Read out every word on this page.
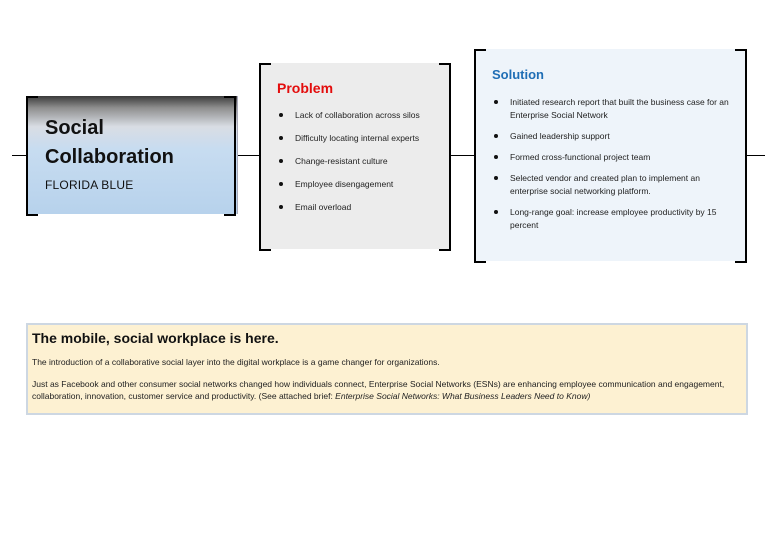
Social
Collaboration
FLORIDA BLUE
Problem
Lack of collaboration across silos
Difficulty locating internal experts
Change-resistant culture
Employee disengagement
Email overload
Solution
Initiated research report that built the business case for an Enterprise Social Network
Gained leadership support
Formed cross-functional project team
Selected vendor and created plan to implement an enterprise social networking platform.
Long-range goal: increase employee productivity by 15 percent
The mobile, social workplace is here.
The introduction of a collaborative social layer into the digital workplace is a game changer for organizations.
Just as Facebook and other consumer social networks changed how individuals connect, Enterprise Social Networks (ESNs) are enhancing employee communication and engagement, collaboration, innovation, customer service and productivity. (See attached brief: Enterprise Social Networks: What Business Leaders Need to Know)
